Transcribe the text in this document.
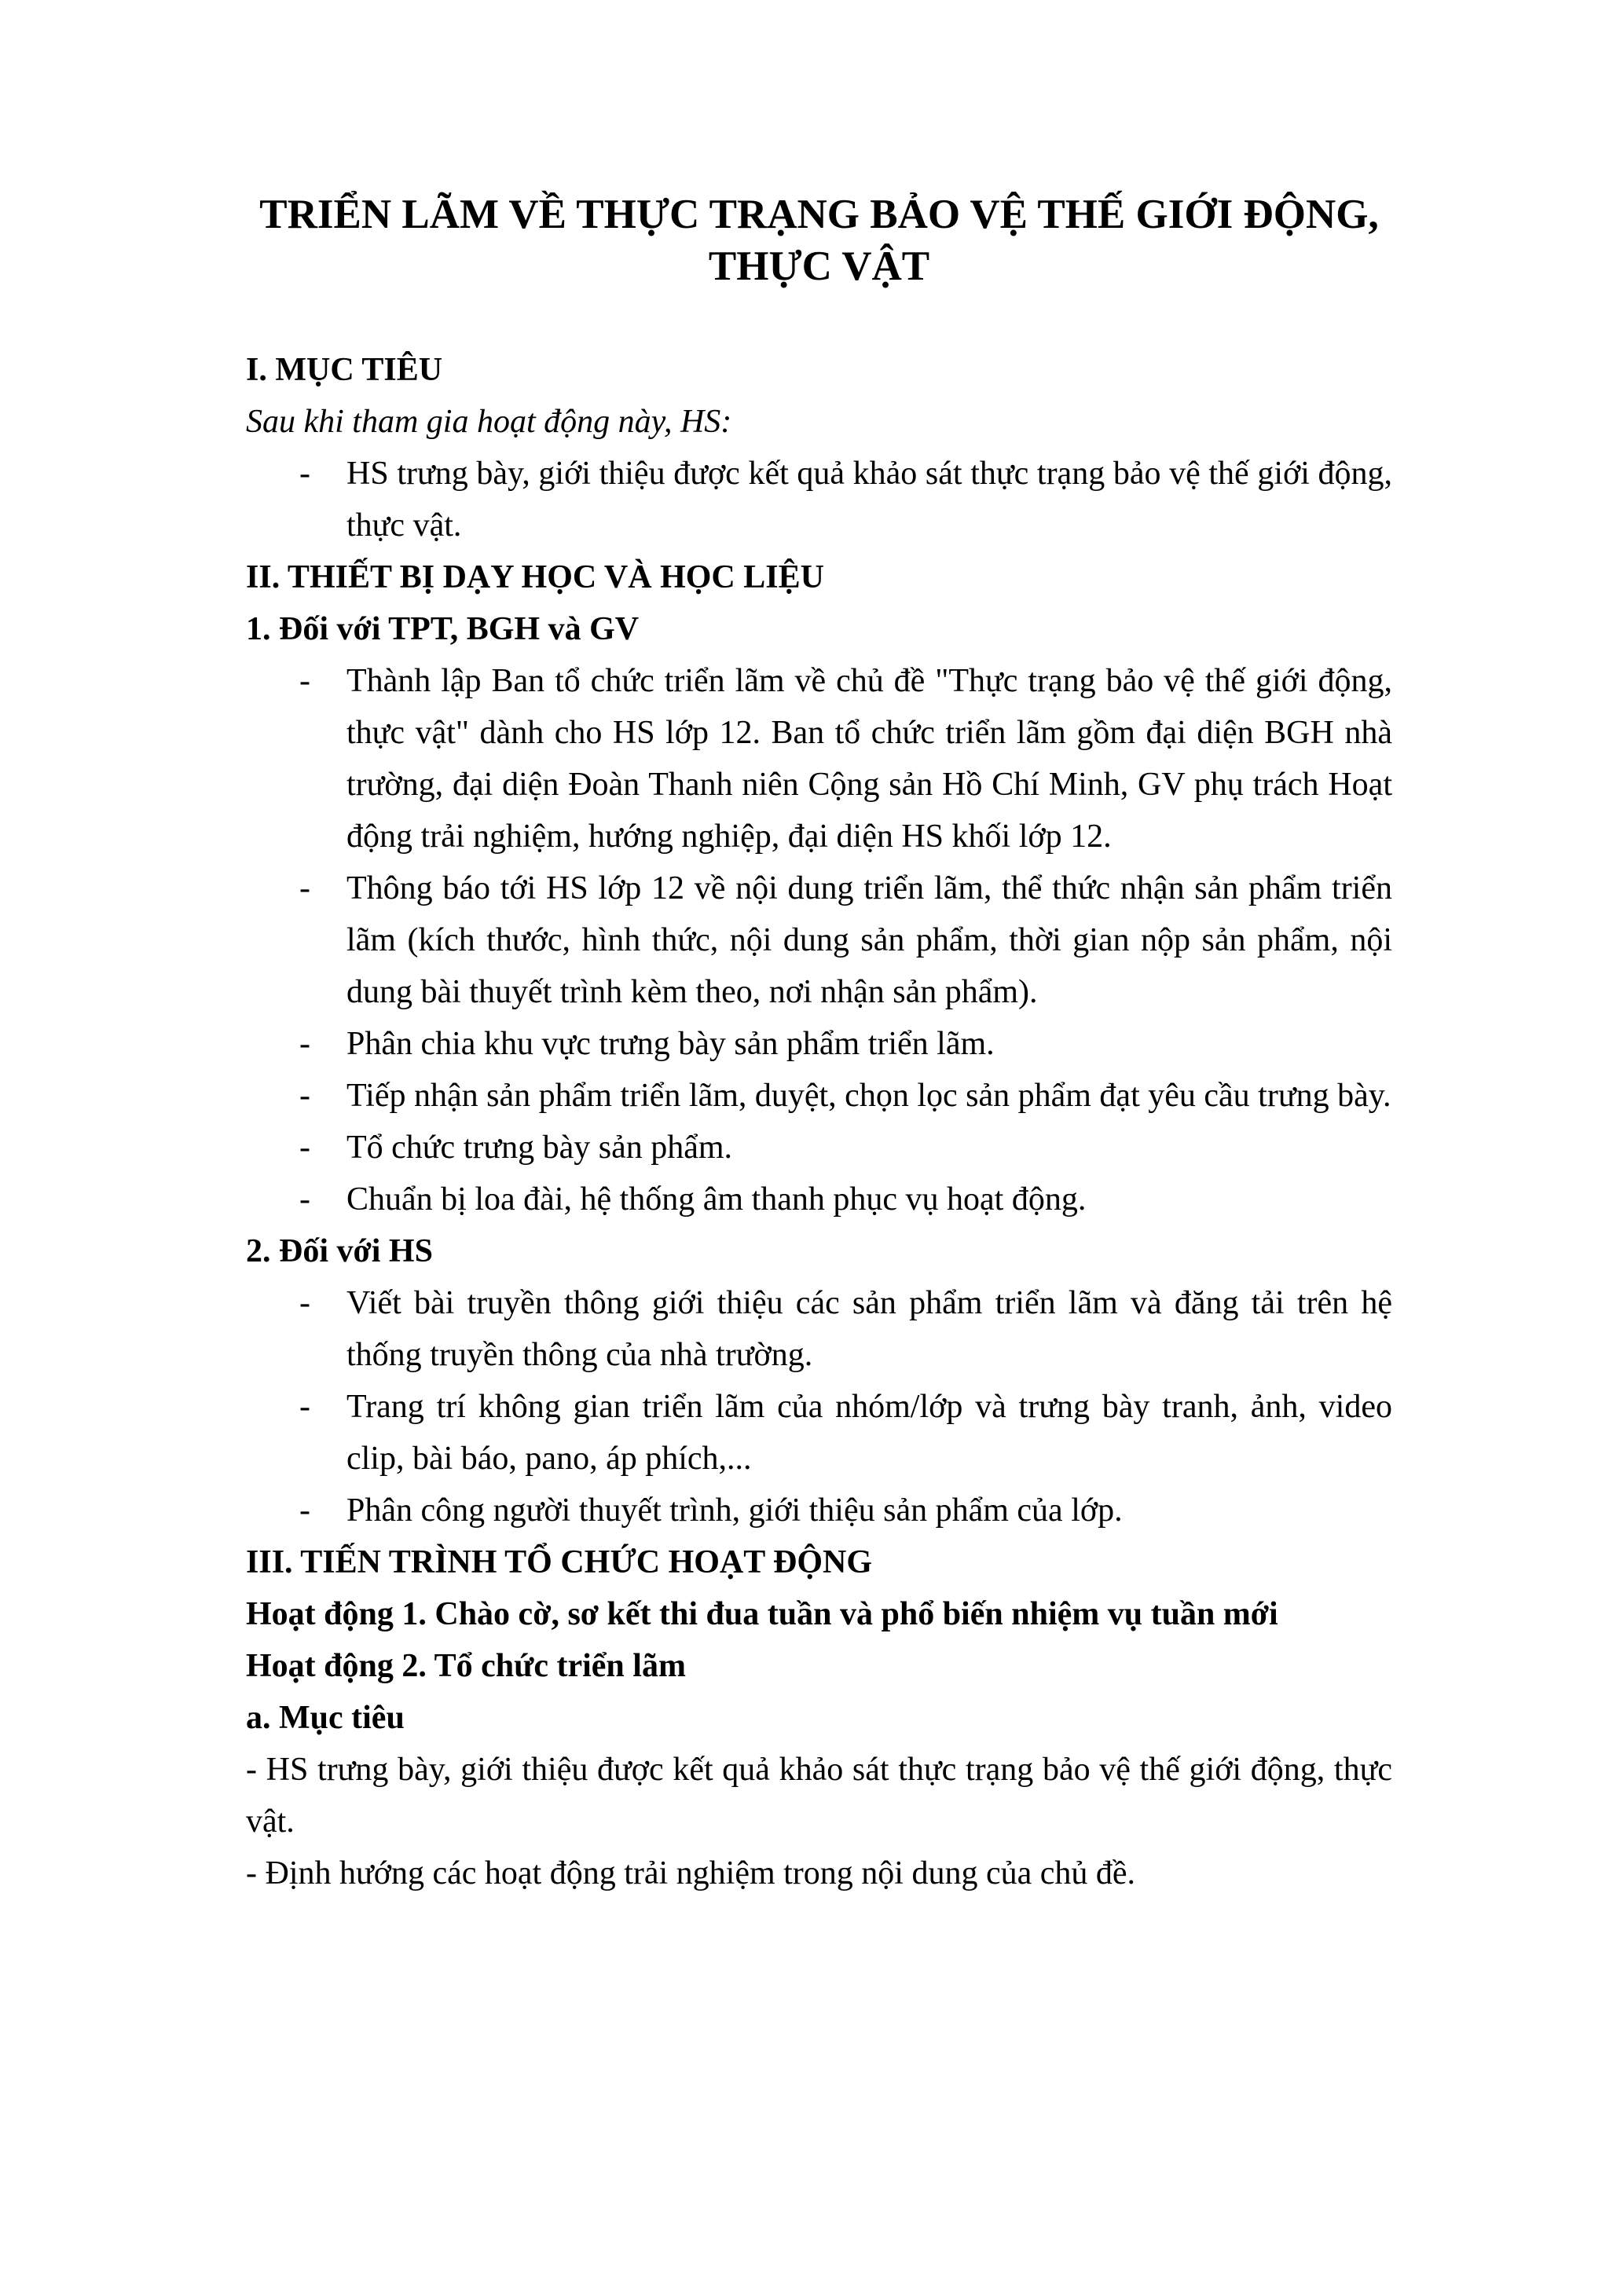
TRIỂN LÃM VỀ THỰC TRẠNG BẢO VỆ THẾ GIỚI ĐỘNG,
THỰC VẬT

I. MỤC TIÊU

Sau khi tham gia hoạt động này, HS:

- HS trưng bày, giới thiệu được kết quả khảo sát thực trạng bảo vệ thế giới động, thực vật.

II. THIẾT BỊ DẠY HỌC VÀ HỌC LIỆU

1. Đối với TPT, BGH và GV

- Thành lập Ban tổ chức triển lãm về chủ đề "Thực trạng bảo vệ thế giới động, thực vật" dành cho HS lớp 12. Ban tổ chức triển lãm gồm đại diện BGH nhà trường, đại diện Đoàn Thanh niên Cộng sản Hồ Chí Minh, GV phụ trách Hoạt động trải nghiệm, hướng nghiệp, đại diện HS khối lớp 12.
- Thông báo tới HS lớp 12 về nội dung triển lãm, thể thức nhận sản phẩm triển lãm (kích thước, hình thức, nội dung sản phẩm, thời gian nộp sản phẩm, nội dung bài thuyết trình kèm theo, nơi nhận sản phẩm).
- Phân chia khu vực trưng bày sản phẩm triển lãm.
- Tiếp nhận sản phẩm triển lãm, duyệt, chọn lọc sản phẩm đạt yêu cầu trưng bày.
- Tổ chức trưng bày sản phẩm.
- Chuẩn bị loa đài, hệ thống âm thanh phục vụ hoạt động.

2. Đối với HS

- Viết bài truyền thông giới thiệu các sản phẩm triển lãm và đăng tải trên hệ thống truyền thông của nhà trường.
- Trang trí không gian triển lãm của nhóm/lớp và trưng bày tranh, ảnh, video clip, bài báo, pano, áp phích,...
- Phân công người thuyết trình, giới thiệu sản phẩm của lớp.

III. TIẾN TRÌNH TỔ CHỨC HOẠT ĐỘNG

Hoạt động 1. Chào cờ, sơ kết thi đua tuần và phổ biến nhiệm vụ tuần mới

Hoạt động 2. Tổ chức triển lãm

a. Mục tiêu

- HS trưng bày, giới thiệu được kết quả khảo sát thực trạng bảo vệ thế giới động, thực vật.

- Định hướng các hoạt động trải nghiệm trong nội dung của chủ đề.
